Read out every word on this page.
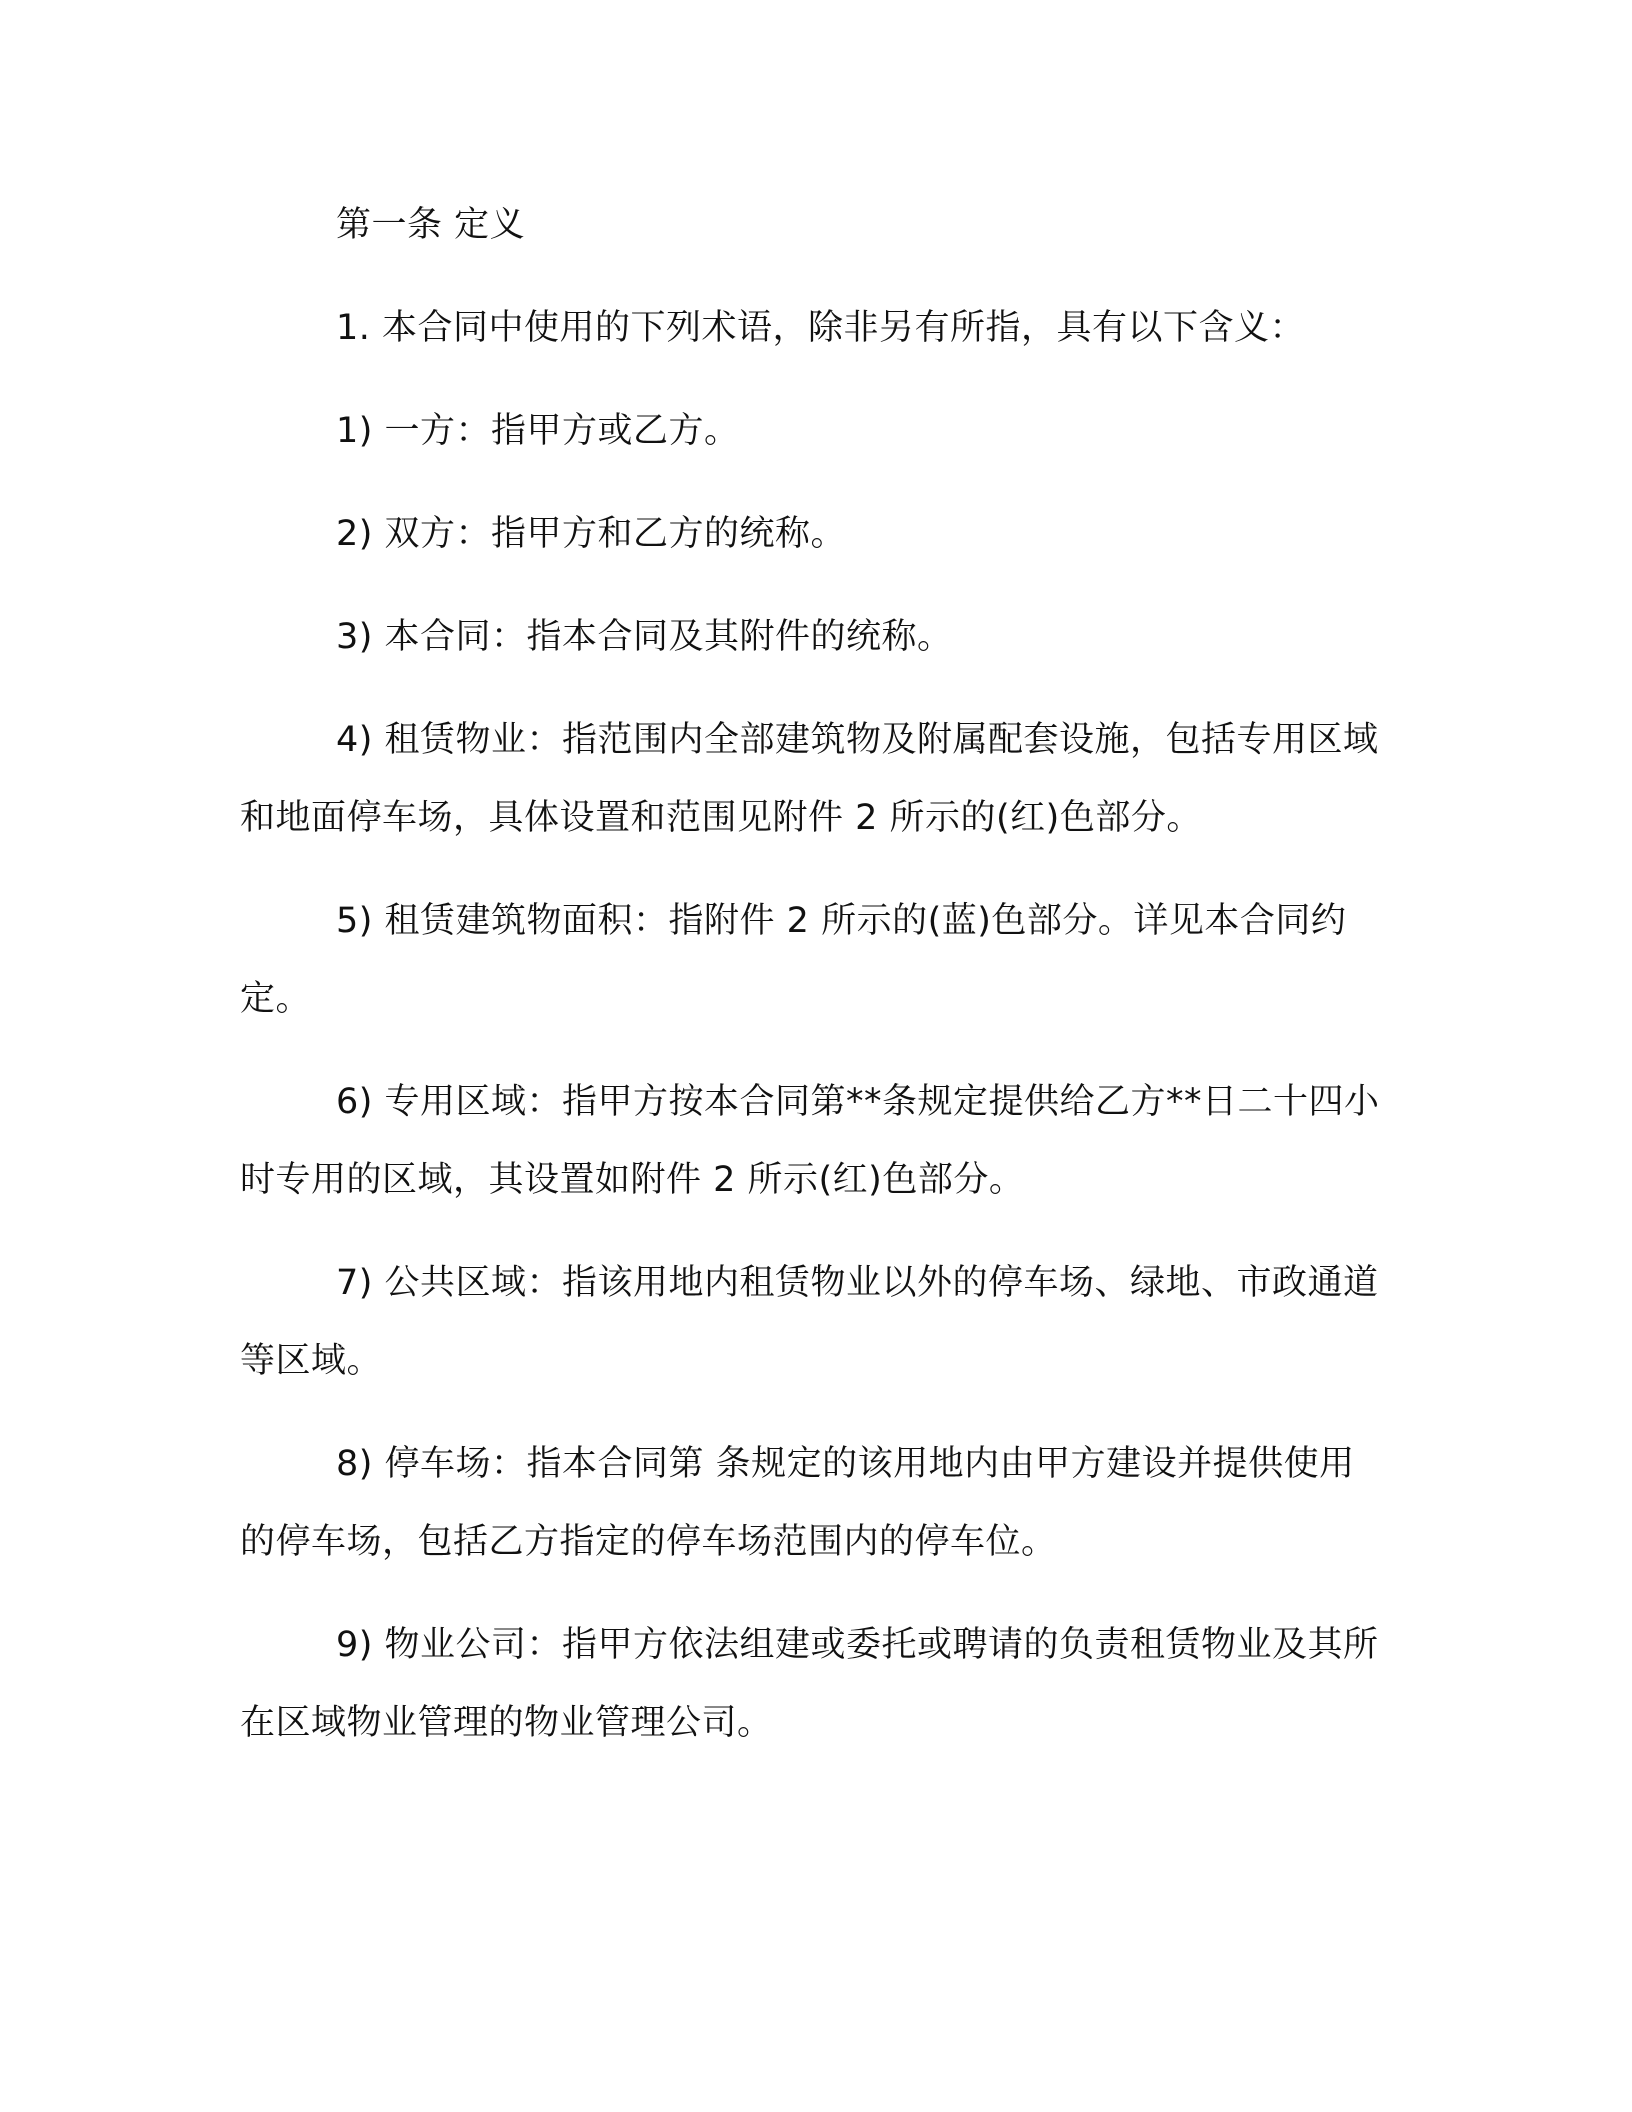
第一条 定义

1. 本合同中使用的下列术语，除非另有所指，具有以下含义：

1) 一方：指甲方或乙方。

2) 双方：指甲方和乙方的统称。

3) 本合同：指本合同及其附件的统称。

4) 租赁物业：指范围内全部建筑物及附属配套设施，包括专用区域和地面停车场，具体设置和范围见附件 2 所示的(红)色部分。

5) 租赁建筑物面积：指附件 2 所示的(蓝)色部分。详见本合同约定。

6) 专用区域：指甲方按本合同第**条规定提供给乙方**日二十四小时专用的区域，其设置如附件 2 所示(红)色部分。

7) 公共区域：指该用地内租赁物业以外的停车场、绿地、市政通道等区域。

8) 停车场：指本合同第 条规定的该用地内由甲方建设并提供使用的停车场，包括乙方指定的停车场范围内的停车位。

9) 物业公司：指甲方依法组建或委托或聘请的负责租赁物业及其所在区域物业管理的物业管理公司。
